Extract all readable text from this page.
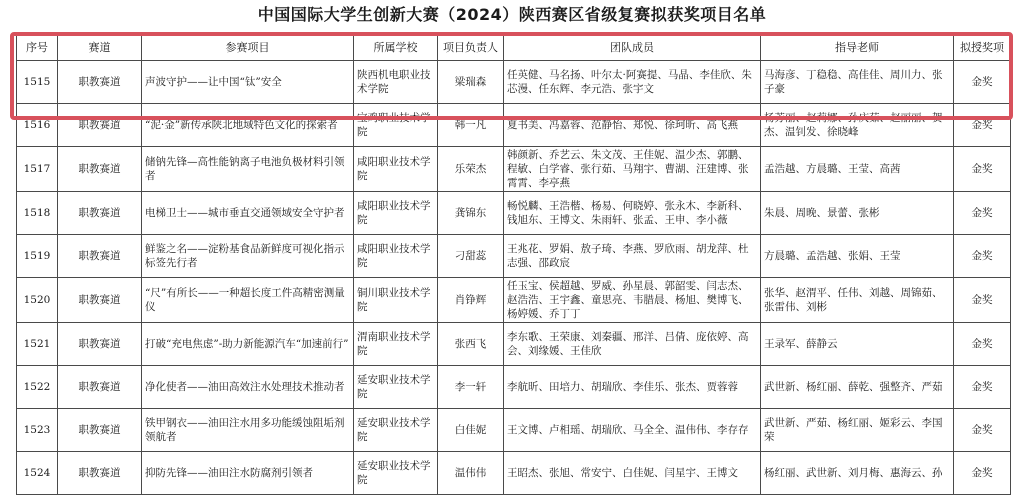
中国国际大学生创新大赛（2024）陕西赛区省级复赛拟获奖项目名单
序号	赛道	参赛项目	所属学校	项目负责人	团队成员	指导老师	拟授奖项
1515	职教赛道	声波守护——让中国“钛”安全	陕西机电职业技术学院	梁瑞森	任英健、马名扬、叶尔太·阿赛提、马晶、李佳欣、朱芯漫、任东辉、李元浩、张宇文	马海彦、丁稳稳、高佳佳、周川力、张子豪	金奖
1516	职教赛道	“泥·金”新传承陕北地域特色文化的探索者	宝鸡职业技术学院	韩一凡	夏书美、冯嘉蓉、范静怡、郑悦、徐珂昕、高飞燕	杨芳丽、赵莉娜、孙庆茹、赵丽丽、贺杰、温钊发、徐晓峰	金奖
1517	职教赛道	储钠先锋—高性能钠离子电池负极材料引领者	咸阳职业技术学院	乐荣杰	韩颜新、乔艺云、朱文茂、王佳妮、温少杰、郭鹏、程敏、白学睿、张行茹、马翔宇、曹湖、汪建博、张霄霄、李亭燕	孟浩越、方晨璐、王莹、高茜	金奖
1518	职教赛道	电梯卫士——城市垂直交通领域安全守护者	咸阳职业技术学院	龚锦东	畅悦麟、王浩楷、杨易、何晓婷、张永木、李新科、钱旭东、王博文、朱雨轩、张孟、王申、李小薇	朱晨、周晚、景蕾、张彬	金奖
1519	职教赛道	鲜鉴之名——淀粉基食品新鲜度可视化指示标签先行者	咸阳职业技术学院	刁甜蕊	王兆花、罗娟、敖子琦、李燕、罗欣雨、胡龙萍、杜志强、邵政宸	方晨璐、孟浩越、张娟、王莹	金奖
1520	职教赛道	“尺”有所长——一种超长度工件高精密测量仪	铜川职业技术学院	肖铮辉	任玉宝、侯超越、罗威、孙星晨、郭韶雯、闫志杰、赵浩浩、王宇鑫、童思亮、韦腊晨、杨旭、樊博飞、杨婷媛、乔丁丁	张华、赵渭平、任伟、刘越、周锦茹、张雷伟、刘彬	金奖
1521	职教赛道	打破“充电焦虑”-助力新能源汽车“加速前行”	渭南职业技术学院	张西飞	李东歌、王荣康、刘秦疆、邢洋、吕倩、庞依婷、高会、刘缘媛、王佳欣	王录军、薛静云	金奖
1522	职教赛道	净化使者——油田高效注水处理技术推动者	延安职业技术学院	李一轩	李航昕、田培力、胡瑞欣、李佳乐、张杰、贾蓉蓉	武世新、杨红丽、薛乾、强整齐、严茹	金奖
1523	职教赛道	铁甲钢衣——油田注水用多功能缓蚀阻垢剂领航者	延安职业技术学院	白佳妮	王文博、卢相瑶、胡瑞欣、马全全、温伟伟、李存存	武世新、严茹、杨红丽、姬彩云、李国荣	金奖
1524	职教赛道	抑防先锋——油田注水防腐剂引领者	延安职业技术学院	温伟伟	王昭杰、张旭、常安宁、白佳妮、闫星宇、王博文	杨红丽、武世新、刘月梅、惠海云、孙	金奖
